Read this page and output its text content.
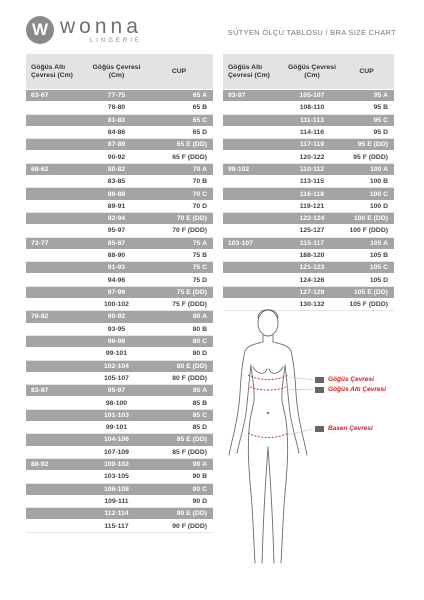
W wonna
LINGERIE
SÜTYEN ÖLÇÜ TABLOSU / BRA SIZE CHART
Göğüs Altı Çevresi (Cm)	Göğüs Çevresi (Cm)	CUP
63-67	77-75	65 A
	78-80	65 B
	81-83	65 C
	84-86	65 D
	87-89	65 E (DD)
	90-92	65 F (DDD)
68-62	80-82	70 A
	83-85	70 B
	86-88	70 C
	89-91	70 D
	92-94	70 E (DD)
	95-97	70 F (DDD)
73-77	85-87	75 A
	88-90	75 B
	91-93	75 C
	94-96	75 D
	97-99	75 E (DD)
	100-102	75 F (DDD)
78-82	90-92	80 A
	93-95	80 B
	96-98	80 C
	99-101	80 D
	102-104	80 E (DD)
	105-107	80 F (DDD)
83-87	95-97	85 A
	98-100	85 B
	101-103	85 C
	99-101	85 D
	104-106	85 E (DD)
	107-109	85 F (DDD)
88-92	100-102	90 A
	103-105	90 B
	106-108	90 C
	109-111	90 D
	112-114	90 E (DD)
	115-117	90 F (DDD)
Göğüs Altı Çevresi (Cm)	Göğüs Çevresi (Cm)	CUP
93-97	105-107	95 A
	108-110	95 B
	111-113	95 C
	114-116	95 D
	117-119	95 E (DD)
	120-122	95 F (DDD)
98-102	110-112	100 A
	113-115	100 B
	116-118	100 C
	119-121	100 D
	122-124	100 E (DD)
	125-127	100 F (DDD)
103-107	115-117	105 A
	188-120	105 B
	121-123	105 C
	124-126	105 D
	127-129	105 E (DD)
	130-132	105 F (DDD)
Göğüs Çevresi
Göğüs Altı Çevresi
Basen Çevresi
